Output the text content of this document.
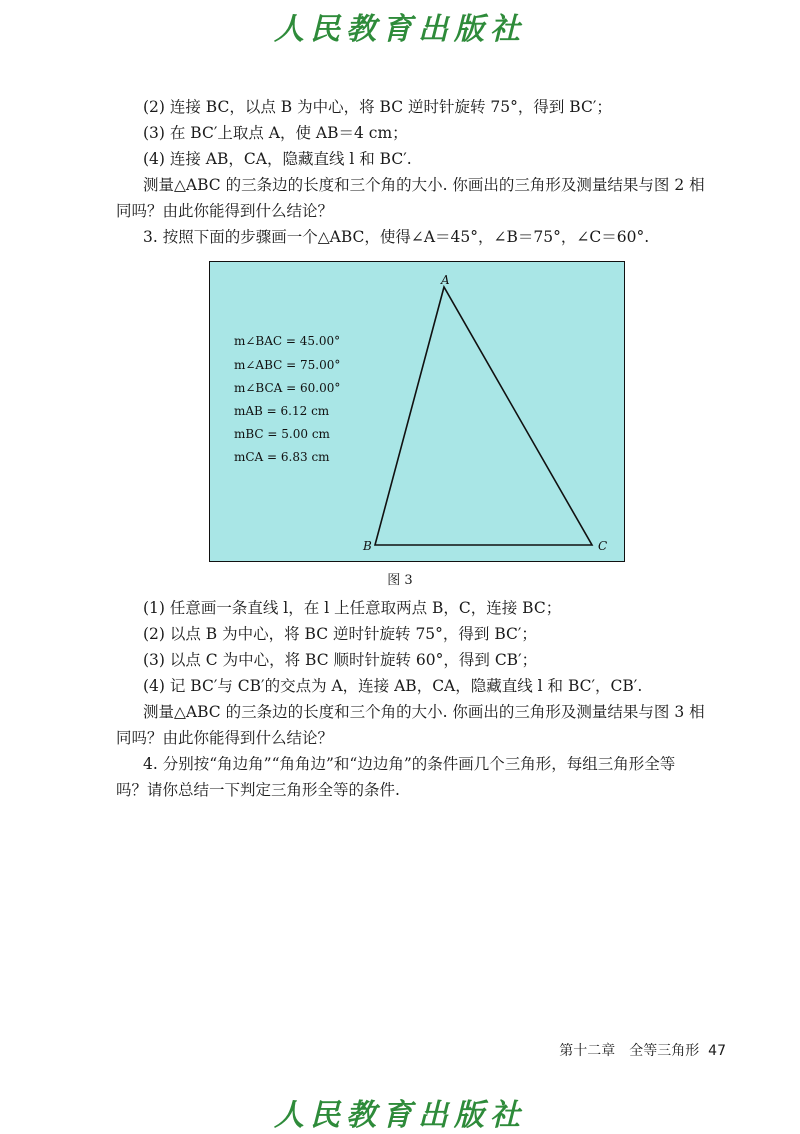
人民教育出版社
(2) 连接 BC，以点 B 为中心，将 BC 逆时针旋转 75°，得到 BC′；
(3) 在 BC′上取点 A，使 AB＝4 cm；
(4) 连接 AB，CA，隐藏直线 l 和 BC′.
测量△ABC 的三条边的长度和三个角的大小. 你画出的三角形及测量结果与图 2 相
同吗？由此你能得到什么结论？
3. 按照下面的步骤画一个△ABC，使得∠A＝45°，∠B＝75°，∠C＝60°.
A
B	C
m∠BAC = 45.00°
m∠ABC = 75.00°
m∠BCA = 60.00°
mAB = 6.12 cm
mBC = 5.00 cm
mCA = 6.83 cm
图 3
(1) 任意画一条直线 l，在 l 上任意取两点 B，C，连接 BC；
(2) 以点 B 为中心，将 BC 逆时针旋转 75°，得到 BC′；
(3) 以点 C 为中心，将 BC 顺时针旋转 60°，得到 CB′；
(4) 记 BC′与 CB′的交点为 A，连接 AB，CA，隐藏直线 l 和 BC′，CB′.
测量△ABC 的三条边的长度和三个角的大小. 你画出的三角形及测量结果与图 3 相
同吗？由此你能得到什么结论？
4. 分别按“角边角”“角角边”和“边边角”的条件画几个三角形，每组三角形全等
吗？请你总结一下判定三角形全等的条件.
第十二章　全等三角形 47
人民教育出版社
